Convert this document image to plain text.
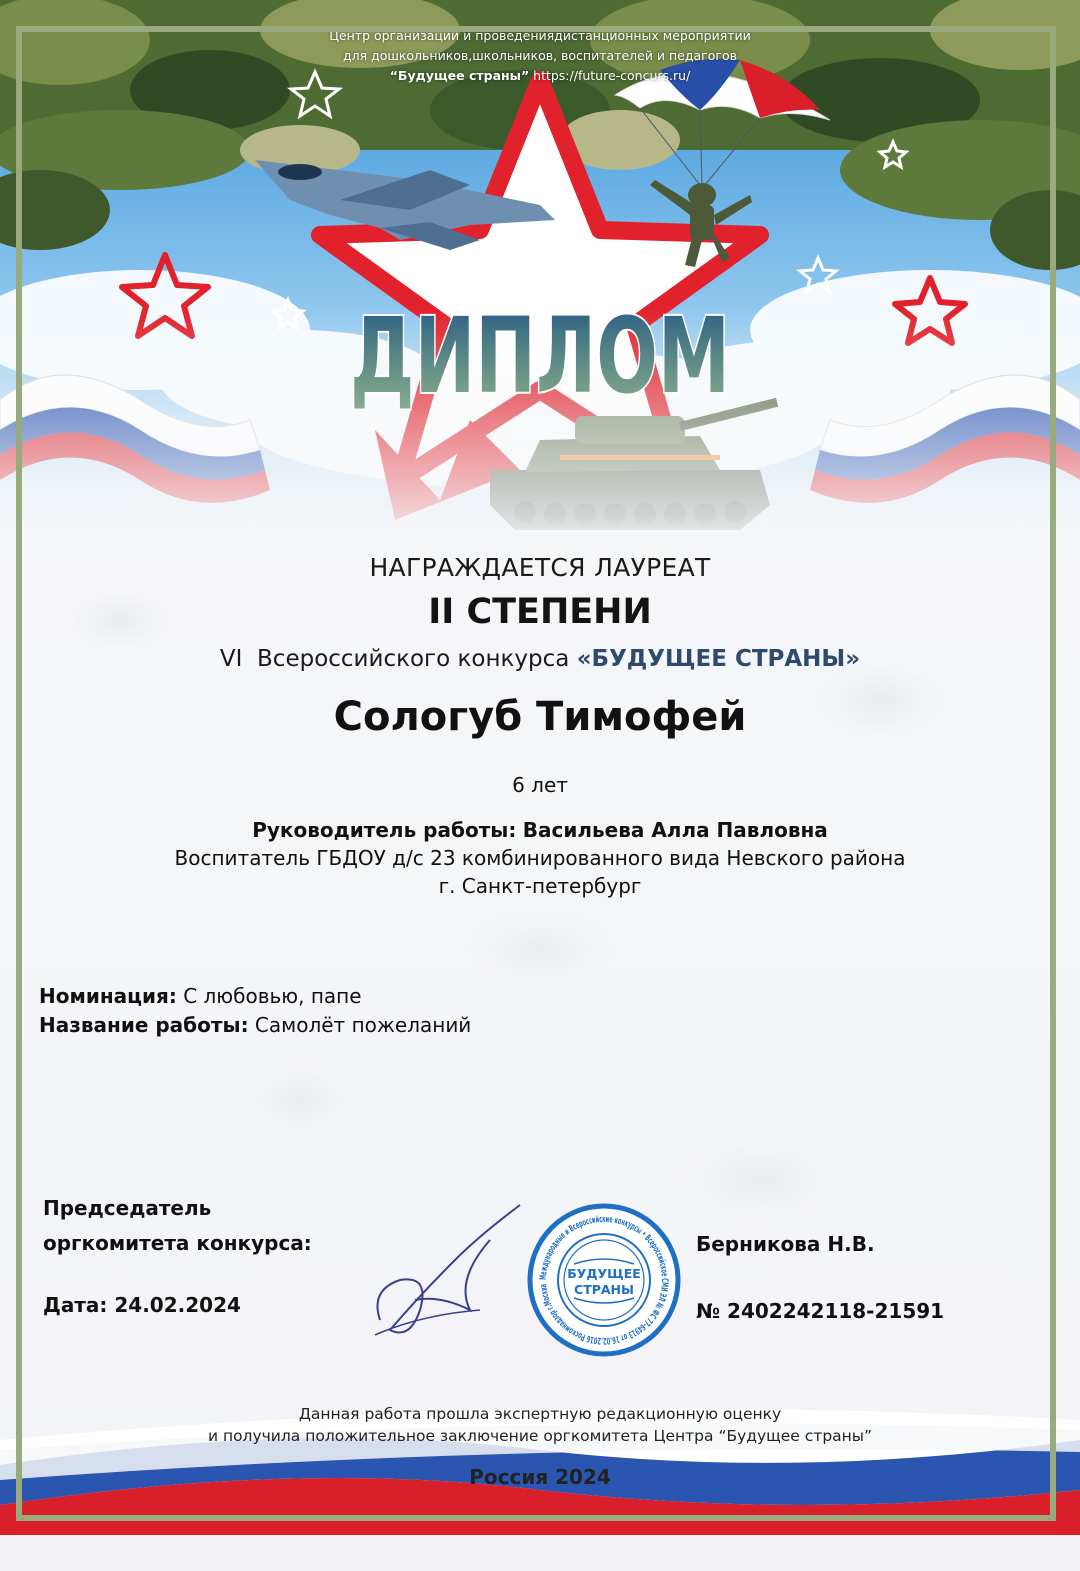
Центр организации и проведениядистанционных мероприятий
для дошкольников,школьников, воспитателей и педагогов
“Будущее страны” https://future-concurs.ru/
НАГРАЖДАЕТСЯ ЛАУРЕАТ
II СТЕПЕНИ
VI  Всероссийского конкурса «БУДУЩЕЕ СТРАНЫ»
Сологуб Тимофей
6 лет
Руководитель работы: Васильева Алла Павловна
Воспитатель ГБДОУ д/с 23 комбинированного вида Невского района
г. Санкт-петербург
Номинация: С любовью, папе
Название работы: Самолёт пожеланий
Председатель
оргкомитета конкурса:
Дата: 24.02.2024
Международные и Всероссийские конкурсы • Всероссийское СМИ ЭЛ № ФС 77-64913 от 16.02.2016 Роскомнадзор г.Москва
БУДУЩЕЕ
СТРАНЫ
Берникова Н.В.
№ 2402242118-21591
Данная работа прошла экспертную редакционную оценку
и получила положительное заключение оргкомитета Центра “Будущее страны”
Россия 2024
